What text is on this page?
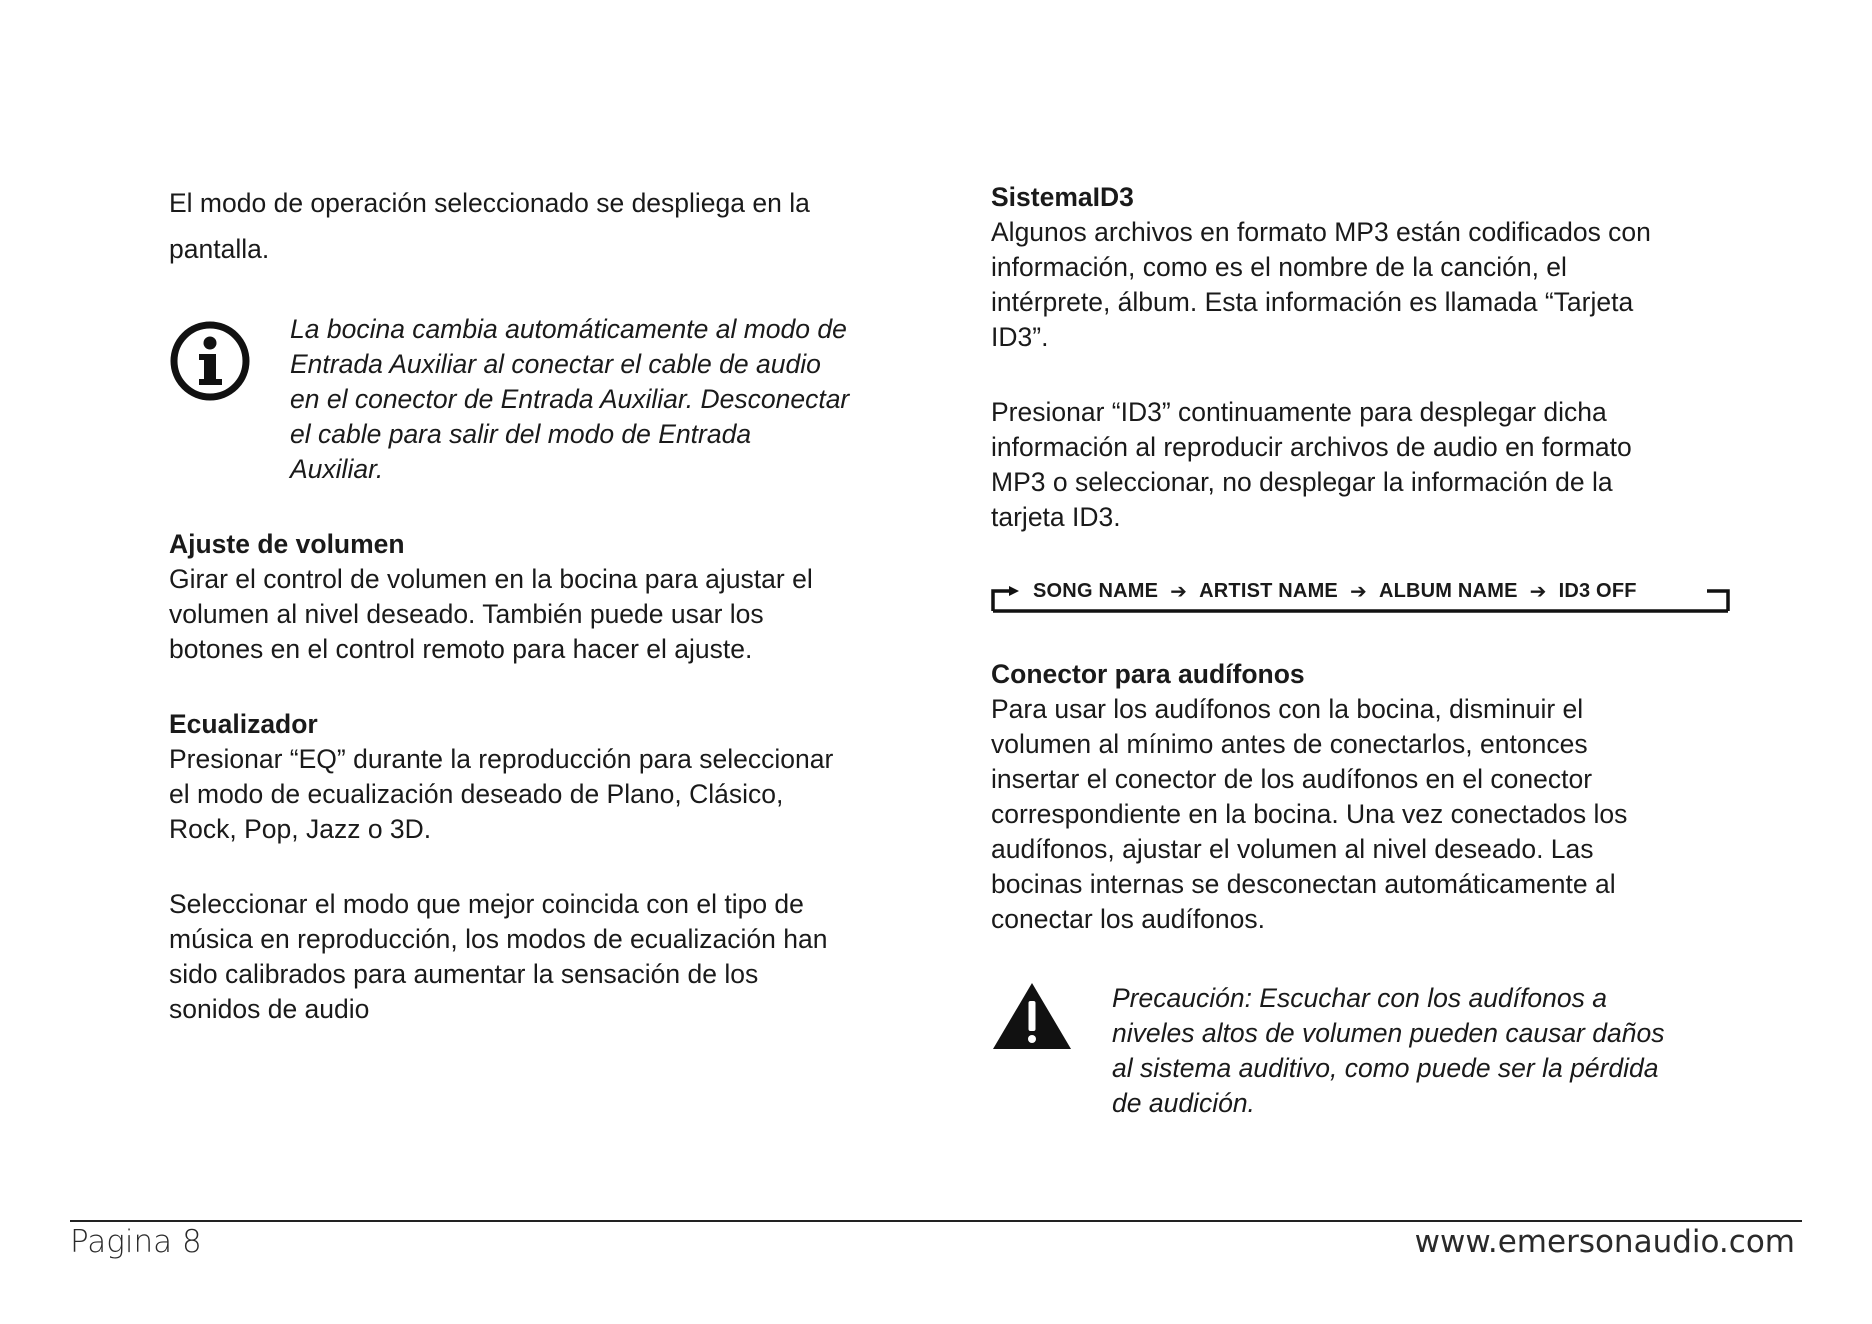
El modo de operación seleccionado se despliega en la pantalla.

La bocina cambia automáticamente al modo de

Entrada Auxiliar al conectar el cable de audio

en el conector de Entrada Auxiliar. Desconectar

el cable para salir del modo de Entrada

Auxiliar.

Ajuste de volumen

Girar el control de volumen en la bocina para ajustar el

volumen al nivel deseado. También puede usar los

botones en el control remoto para hacer el ajuste.

Ecualizador

Presionar “EQ” durante la reproducción para seleccionar

el modo de ecualización deseado de Plano, Clásico,

Rock, Pop, Jazz o 3D.

Seleccionar el modo que mejor coincida con el tipo de

música en reproducción, los modos de ecualización han

sido calibrados para aumentar la sensación de los

sonidos de audio

SistemaID3

Algunos archivos en formato MP3 están codificados con

información, como es el nombre de la canción, el

intérprete, álbum. Esta información es llamada “Tarjeta

ID3”.

Presionar “ID3” continuamente para desplegar dicha

información al reproducir archivos de audio en formato

MP3 o seleccionar, no desplegar la información de la

tarjeta ID3.

SONG NAME ➔ ARTIST NAME ➔ ALBUM NAME ➔ ID3 OFF
Conector para audífonos

Para usar los audífonos con la bocina, disminuir el

volumen al mínimo antes de conectarlos, entonces

insertar el conector de los audífonos en el conector

correspondiente en la bocina. Una vez conectados los

audífonos, ajustar el volumen al nivel deseado. Las

bocinas internas se desconectan automáticamente al

conectar los audífonos.

Precaución: Escuchar con los audífonos a

niveles altos de volumen pueden causar daños

al sistema auditivo, como puede ser la pérdida

de audición.

Pagina 8	www.emersonaudio.com
